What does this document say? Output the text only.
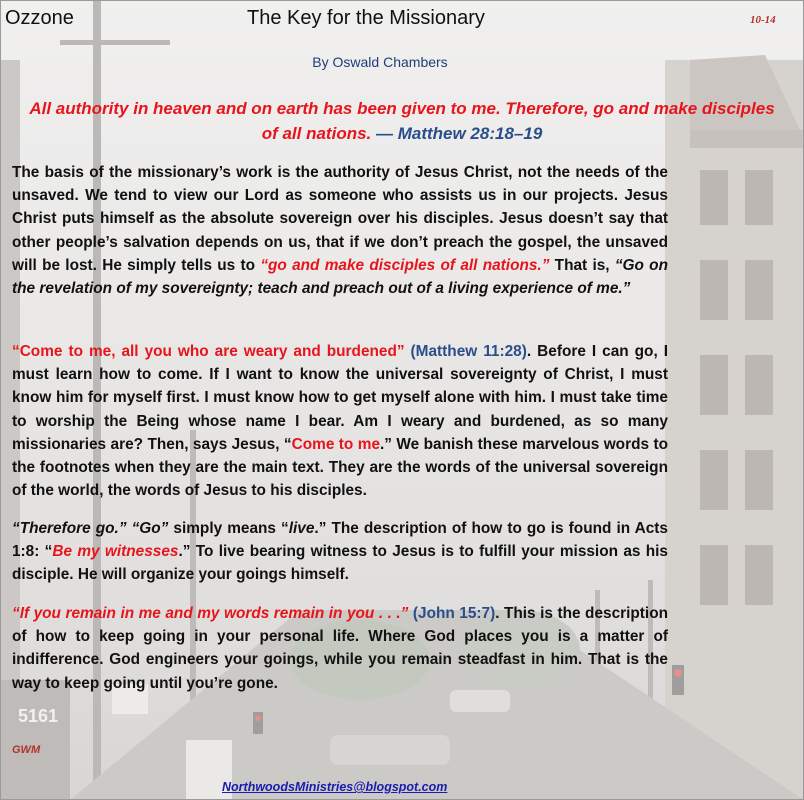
5161
Ozzone	The Key for the Missionary	10-14
By Oswald Chambers
All authority in heaven and on earth has been given to me. Therefore, go and make disciples of all nations. — Matthew 28:18–19
The basis of the missionary’s work is the authority of Jesus Christ, not the needs of the unsaved. We tend to view our Lord as someone who assists us in our projects. Jesus Christ puts himself as the absolute sovereign over his disciples. Jesus doesn’t say that other people’s salvation depends on us, that if we don’t preach the gospel, the unsaved will be lost. He simply tells us to “go and make disciples of all nations.” That is, “Go on the revelation of my sovereignty; teach and preach out of a living experience of me.”
“Come to me, all you who are weary and burdened” (Matthew 11:28). Before I can go, I must learn how to come. If I want to know the universal sovereignty of Christ, I must know him for myself first. I must know how to get myself alone with him. I must take time to worship the Being whose name I bear. Am I weary and burdened, as so many missionaries are? Then, says Jesus, “Come to me.” We banish these marvelous words to the footnotes when they are the main text. They are the words of the universal sovereign of the world, the words of Jesus to his disciples.
“Therefore go.” “Go” simply means “live.” The description of how to go is found in Acts 1:8: “Be my witnesses.” To live bearing witness to Jesus is to fulfill your mission as his disciple. He will organize your goings himself.
“If you remain in me and my words remain in you . . .” (John 15:7). This is the description of how to keep going in your personal life. Where God places you is a matter of indifference. God engineers your goings, while you remain steadfast in him. That is the way to keep going until you’re gone.
GWM
NorthwoodsMinistries@blogspot.com
